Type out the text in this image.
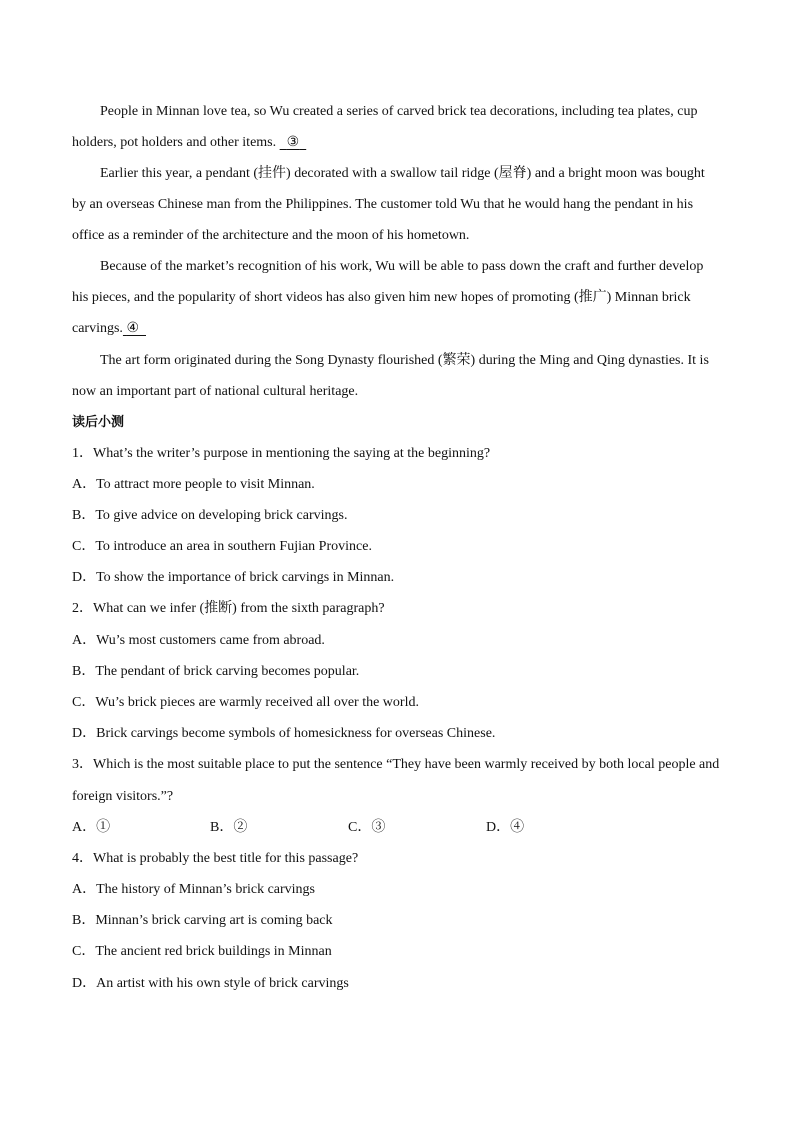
People in Minnan love tea, so Wu created a series of carved brick tea decorations, including tea plates, cup
holders, pot holders and other items. ③
Earlier this year, a pendant (挂件) decorated with a swallow tail ridge (屋脊) and a bright moon was bought
by an overseas Chinese man from the Philippines. The customer told Wu that he would hang the pendant in his
office as a reminder of the architecture and the moon of his hometown.
Because of the market’s recognition of his work, Wu will be able to pass down the craft and further develop
his pieces, and the popularity of short videos has also given him new hopes of promoting (推广) Minnan brick
carvings. ④
The art form originated during the Song Dynasty flourished (繁荣) during the Ming and Qing dynasties. It is
now an important part of national cultural heritage.
读后小测
1．What’s the writer’s purpose in mentioning the saying at the beginning?
A．To attract more people to visit Minnan.
B．To give advice on developing brick carvings.
C．To introduce an area in southern Fujian Province.
D．To show the importance of brick carvings in Minnan.
2．What can we infer (推断) from the sixth paragraph?
A．Wu’s most customers came from abroad.
B．The pendant of brick carving becomes popular.
C．Wu’s brick pieces are warmly received all over the world.
D．Brick carvings become symbols of homesickness for overseas Chinese.
3．Which is the most suitable place to put the sentence “They have been warmly received by both local people and
foreign visitors.”?
A．①	B．②	C．③	D．④
4．What is probably the best title for this passage?
A．The history of Minnan’s brick carvings
B．Minnan’s brick carving art is coming back
C．The ancient red brick buildings in Minnan
D．An artist with his own style of brick carvings
